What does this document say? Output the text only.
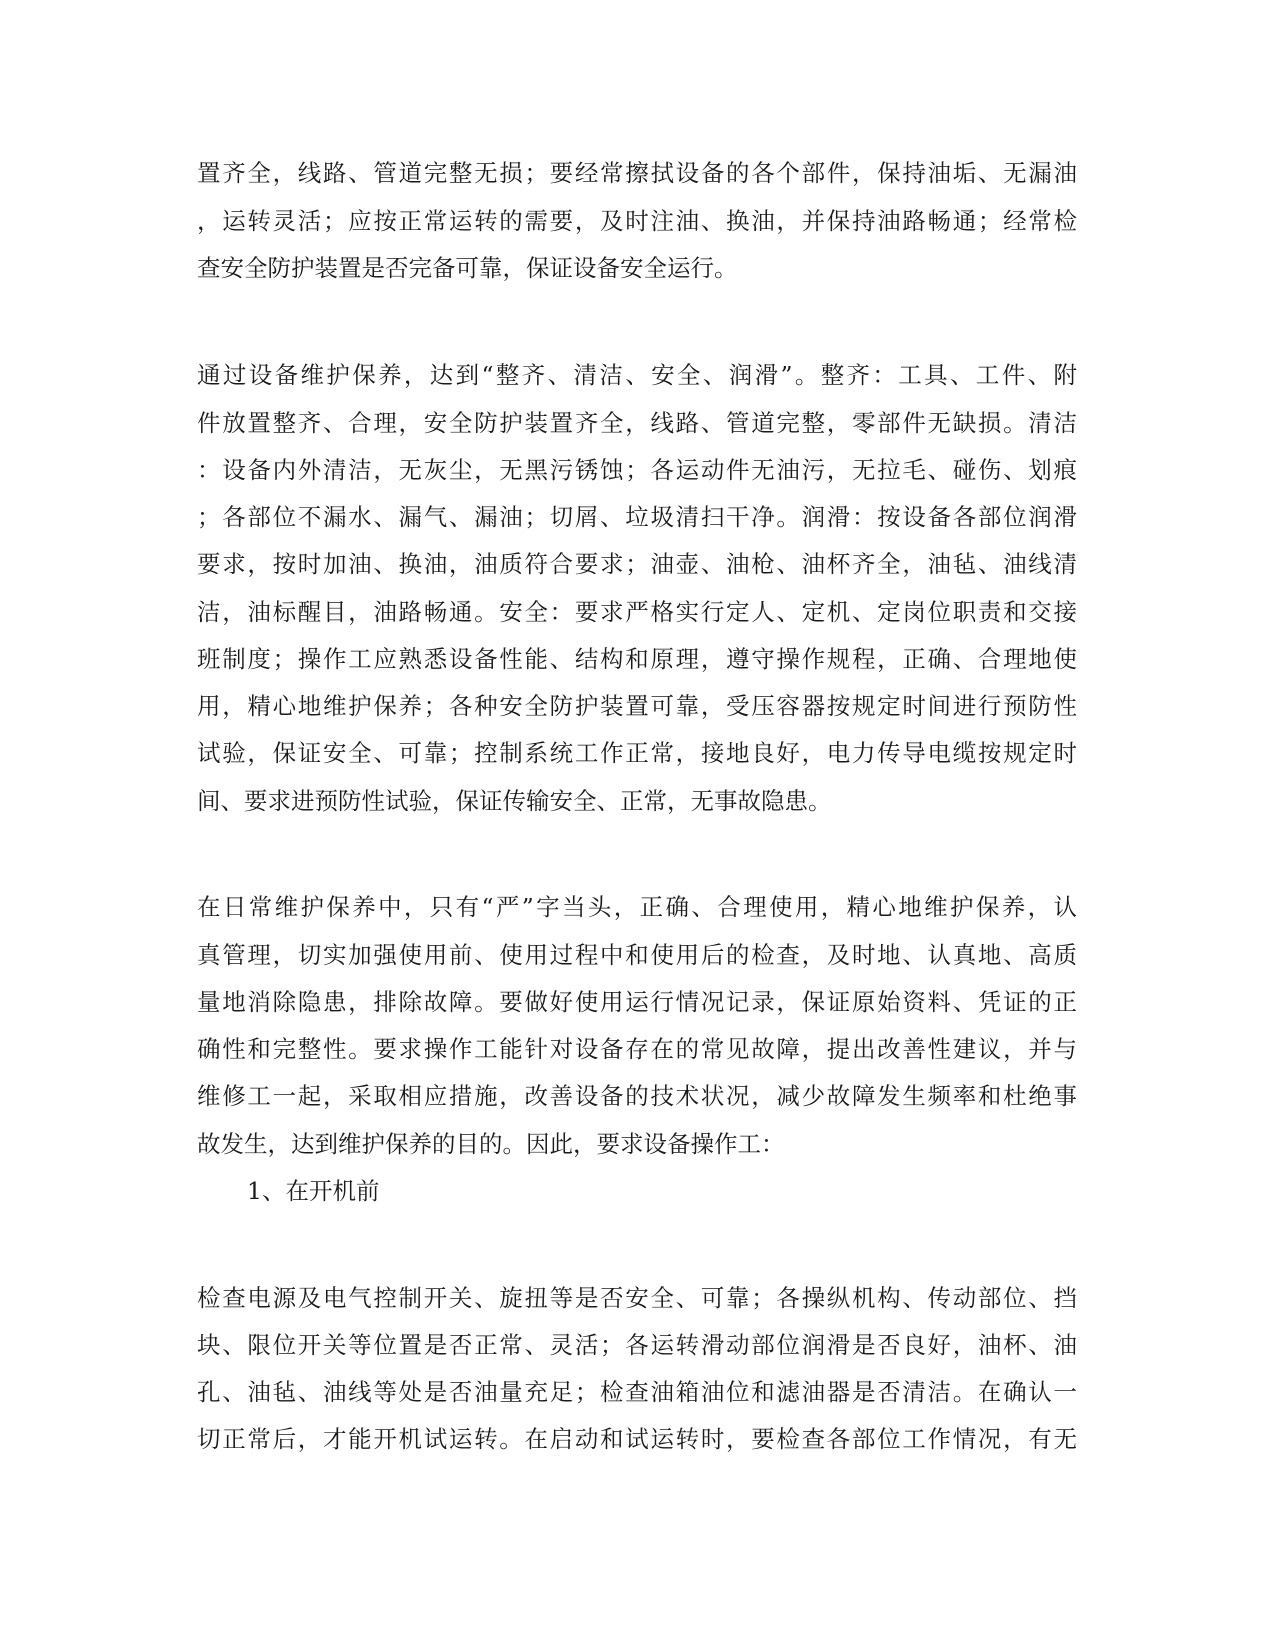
置齐全，线路、管道完整无损；要经常擦拭设备的各个部件，保持油垢、无漏油
，运转灵活；应按正常运转的需要，及时注油、换油，并保持油路畅通；经常检
查安全防护装置是否完备可靠，保证设备安全运行。
通过设备维护保养，达到“整齐、清洁、安全、润滑”。整齐：工具、工件、附
件放置整齐、合理，安全防护装置齐全，线路、管道完整，零部件无缺损。清洁
：设备内外清洁，无灰尘，无黑污锈蚀；各运动件无油污，无拉毛、碰伤、划痕
；各部位不漏水、漏气、漏油；切屑、垃圾清扫干净。润滑：按设备各部位润滑
要求，按时加油、换油，油质符合要求；油壶、油枪、油杯齐全，油毡、油线清
洁，油标醒目，油路畅通。安全：要求严格实行定人、定机、定岗位职责和交接
班制度；操作工应熟悉设备性能、结构和原理，遵守操作规程，正确、合理地使
用，精心地维护保养；各种安全防护装置可靠，受压容器按规定时间进行预防性
试验，保证安全、可靠；控制系统工作正常，接地良好，电力传导电缆按规定时
间、要求进预防性试验，保证传输安全、正常，无事故隐患。
在日常维护保养中，只有“严”字当头，正确、合理使用，精心地维护保养，认
真管理，切实加强使用前、使用过程中和使用后的检查，及时地、认真地、高质
量地消除隐患，排除故障。要做好使用运行情况记录，保证原始资料、凭证的正
确性和完整性。要求操作工能针对设备存在的常见故障，提出改善性建议，并与
维修工一起，采取相应措施，改善设备的技术状况，减少故障发生频率和杜绝事
故发生，达到维护保养的目的。因此，要求设备操作工：
1、在开机前
检查电源及电气控制开关、旋扭等是否安全、可靠；各操纵机构、传动部位、挡
块、限位开关等位置是否正常、灵活；各运转滑动部位润滑是否良好，油杯、油
孔、油毡、油线等处是否油量充足；检查油箱油位和滤油器是否清洁。在确认一
切正常后，才能开机试运转。在启动和试运转时，要检查各部位工作情况，有无
